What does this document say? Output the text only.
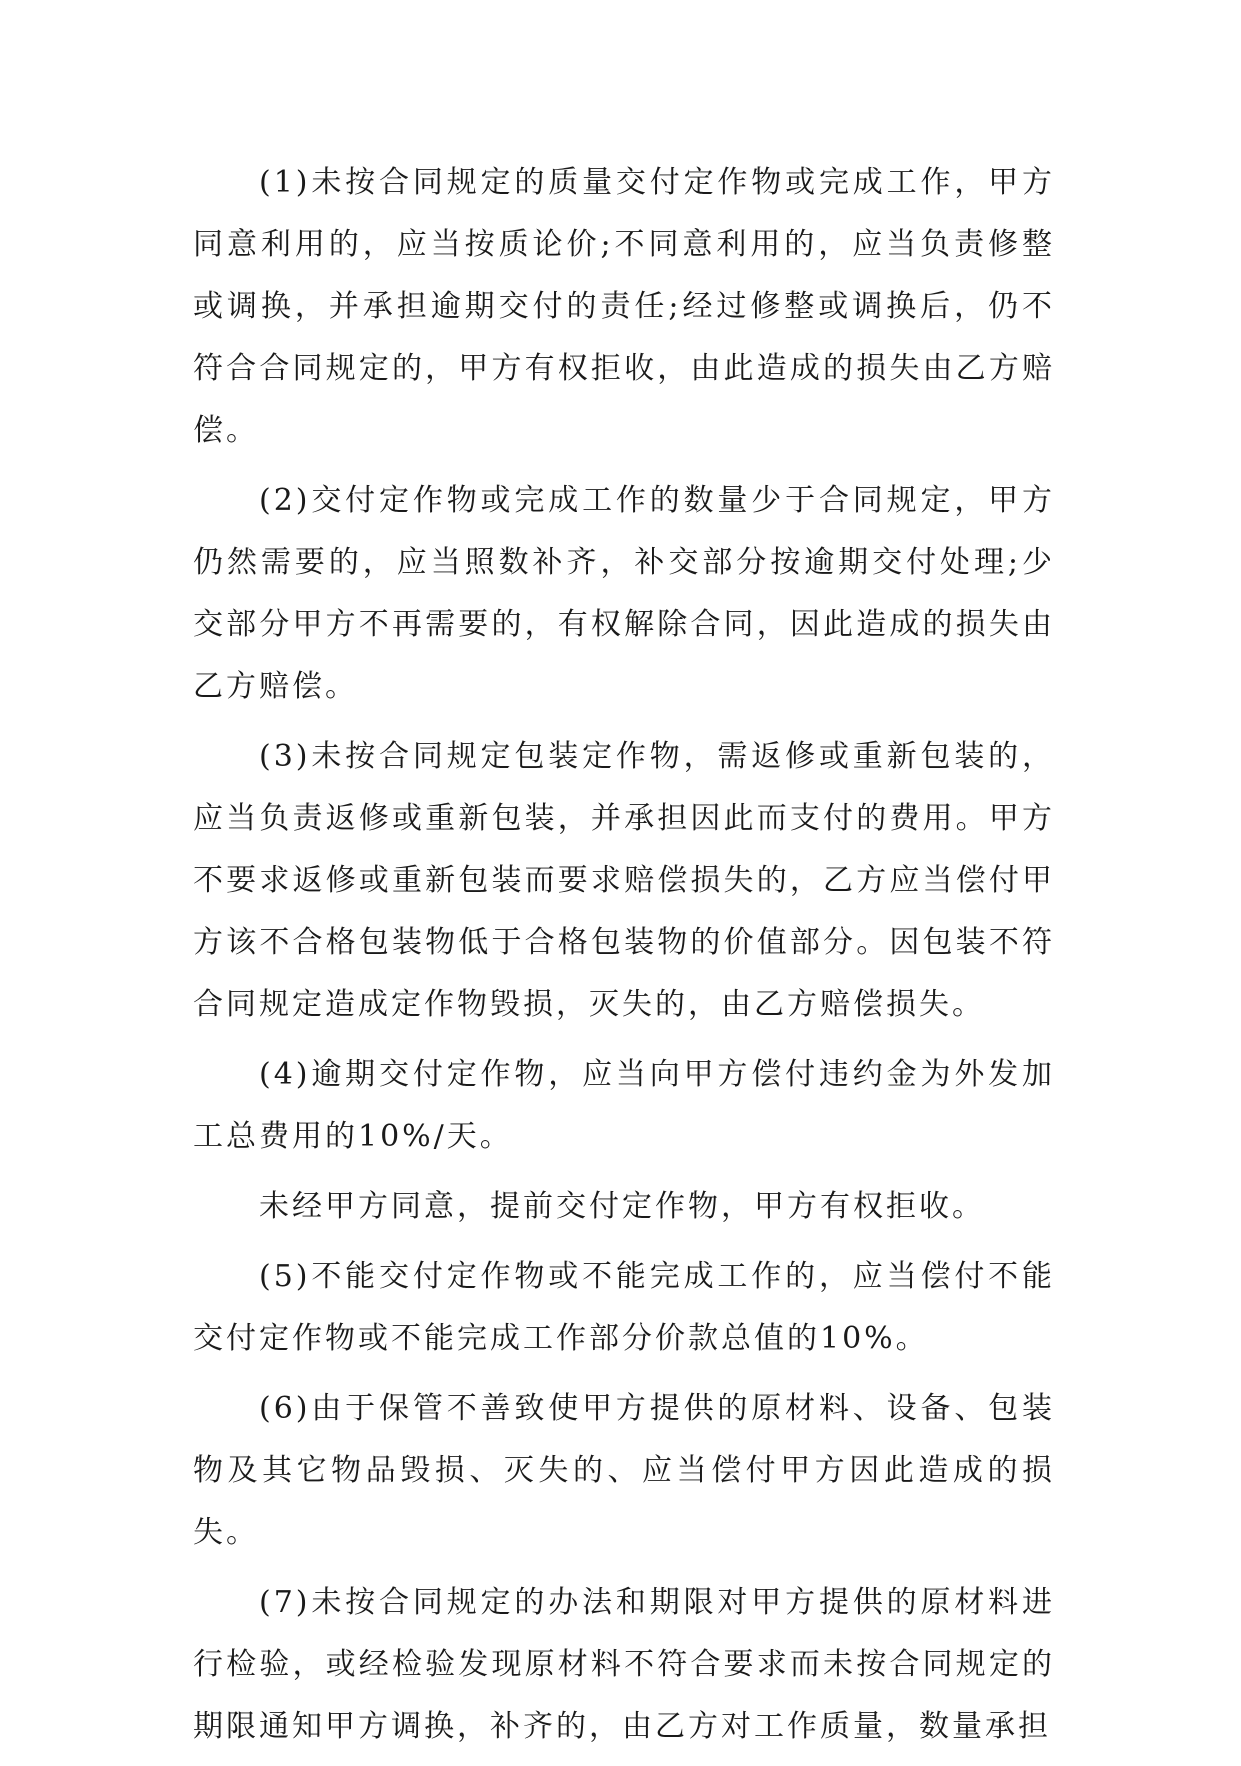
(1)未按合同规定的质量交付定作物或完成工作，甲方同意利用的，应当按质论价;不同意利用的，应当负责修整或调换，并承担逾期交付的责任;经过修整或调换后，仍不符合合同规定的，甲方有权拒收，由此造成的损失由乙方赔偿。

(2)交付定作物或完成工作的数量少于合同规定，甲方仍然需要的，应当照数补齐，补交部分按逾期交付处理;少交部分甲方不再需要的，有权解除合同，因此造成的损失由乙方赔偿。

(3)未按合同规定包装定作物，需返修或重新包装的，应当负责返修或重新包装，并承担因此而支付的费用。甲方不要求返修或重新包装而要求赔偿损失的，乙方应当偿付甲方该不合格包装物低于合格包装物的价值部分。因包装不符合同规定造成定作物毁损，灭失的，由乙方赔偿损失。

(4)逾期交付定作物，应当向甲方偿付违约金为外发加工总费用的10%/天。

未经甲方同意，提前交付定作物，甲方有权拒收。

(5)不能交付定作物或不能完成工作的，应当偿付不能交付定作物或不能完成工作部分价款总值的10%。

(6)由于保管不善致使甲方提供的原材料、设备、包装物及其它物品毁损、灭失的、应当偿付甲方因此造成的损失。

(7)未按合同规定的办法和期限对甲方提供的原材料进行检验，或经检验发现原材料不符合要求而未按合同规定的期限通知甲方调换，补齐的，由乙方对工作质量，数量承担
